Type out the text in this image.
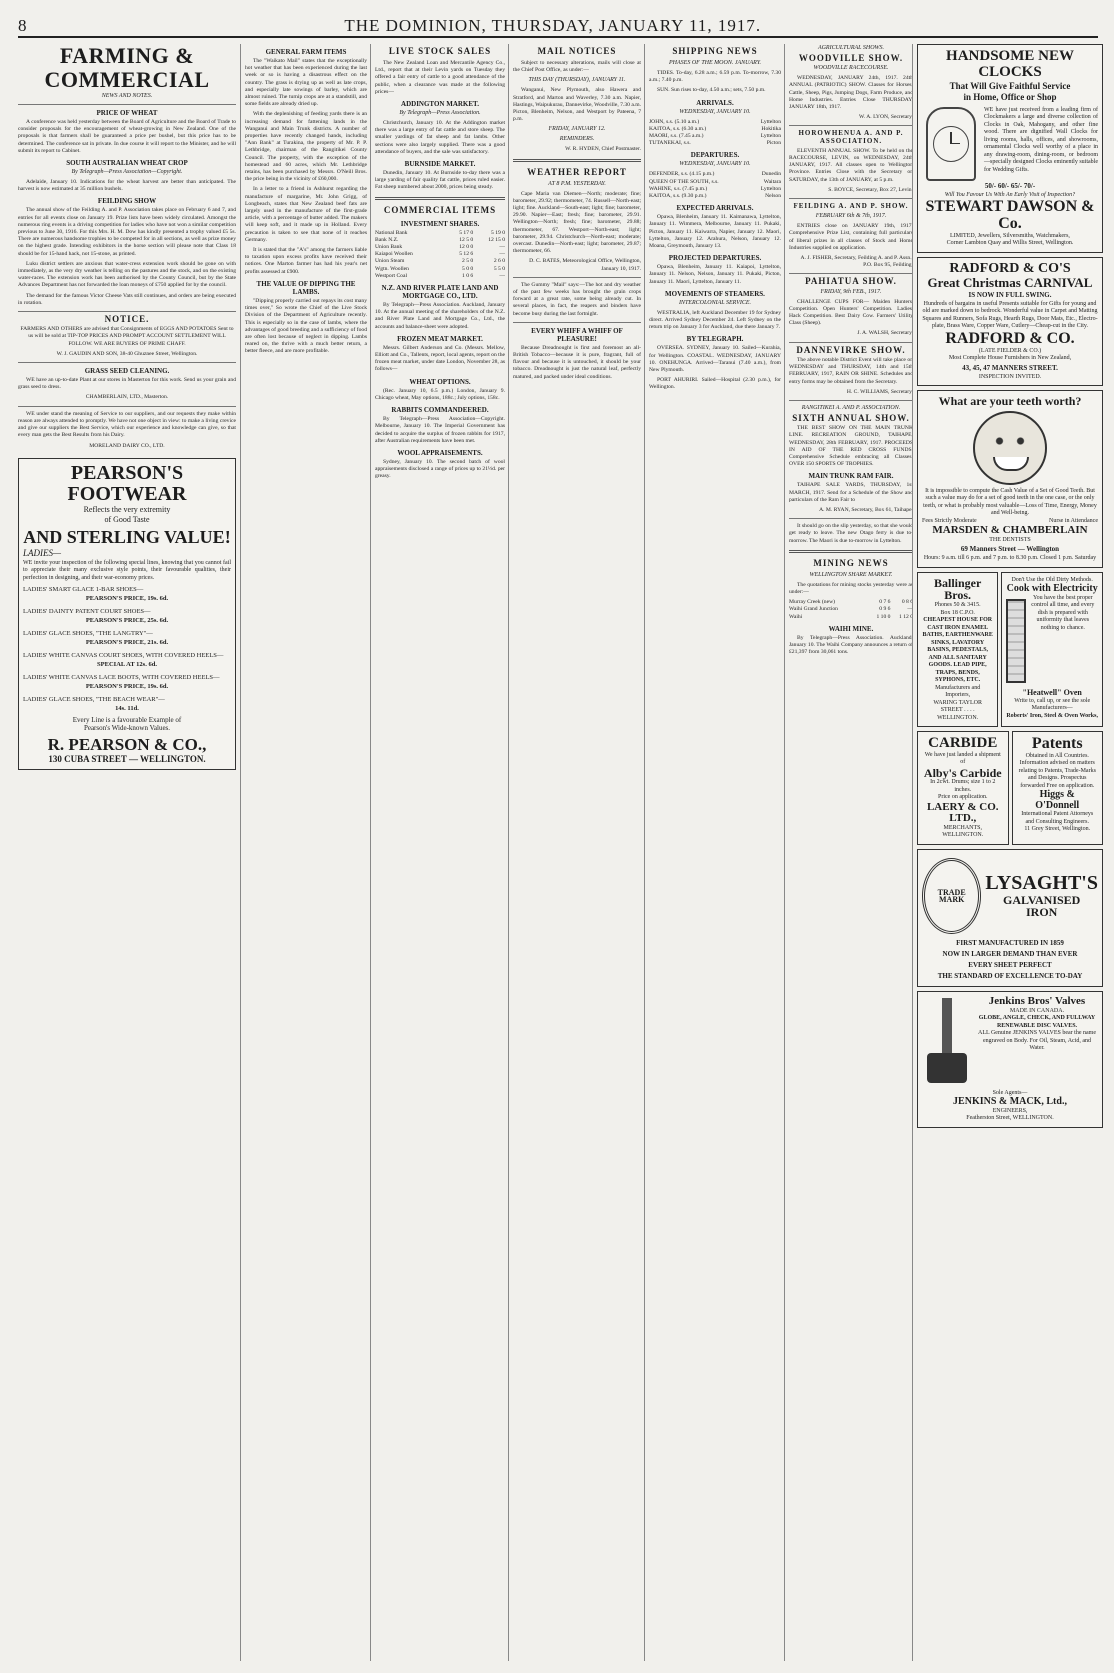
8	THE DOMINION, THURSDAY, JANUARY 11, 1917.
FARMING & COMMERCIAL
NEWS AND NOTES.
PRICE OF WHEAT

A conference was held yesterday between the Board of Agriculture and the Board of Trade to consider proposals for the encouragement of wheat-growing in New Zealand. One of the proposals is that farmers shall be guaranteed a price per bushel, but this price has to be determined. The conference sat in private. In due course it will report to the Minister, and he will submit its report to Cabinet.

SOUTH AUSTRALIAN WHEAT CROP
By Telegraph—Press Association—Copyright.

Adelaide, January 10. Indications for the wheat harvest are better than anticipated. The harvest is now estimated at 35 million bushels.

FEILDING SHOW

The annual show of the Feilding A. and P. Association takes place on February 6 and 7, and entries for all events close on January 19. Prize lists have been widely circulated. Amongst the numerous ring events is a driving competition for ladies who have not won a similar competition previous to June 30, 1916. For this Mrs. H. M. Dow has kindly presented a trophy valued £5 5s. There are numerous handsome trophies to be competed for in all sections, as well as prize money on the highest grade. Intending exhibitors in the horse section will please note that Class 18 should be for 15-hand hack, not 15-stone, as printed.

Luku district settlers are anxious that water-cress extension work should be gone on with immediately, as the very dry weather is telling on the pastures and the stock, and on the existing water-races. The extension work has been authorised by the County Council, but by the State Advances Department has not forwarded the loan moneys of £750 applied for by the council.

The demand for the famous Victor Cheese Vats still continues, and orders are being executed in rotation.

NOTICE.

FARMERS AND OTHERS are advised that Consignments of EGGS AND POTATOES Sent to us will be sold at TIP-TOP PRICES AND PROMPT ACCOUNT SETTLEMENT WILL FOLLOW. WE ARE BUYERS OF PRIME CHAFF.

W. J. GAUDIN AND SON, 38-40 Ghuznee Street, Wellington.

GRASS SEED CLEANING.

WE have an up-to-date Plant at our stores in Masterton for this work. Send us your grain and grass seed to dress.

CHAMBERLAIN, LTD., Masterton.

WE under stand the meaning of Service to our suppliers, and our requests they make within reason are always attended to promptly. We have not one object in view: to make a living crevice and give our suppliers the Best Service, which our experience and knowledge can give, so that every man gets the Best Results from his Dairy.

MORELAND DAIRY CO., LTD.

PEARSON'S FOOTWEAR
Reflects the very extremity
of Good Taste
AND STERLING VALUE!
LADIES—
WE invite your inspection of the following special lines, knowing that you cannot fail to appreciate their many exclusive style points, their favourable qualities, their perfection in designing, and their war-economy prices.
LADIES' SMART GLACE 1-BAR SHOES—
PEARSON'S PRICE, 19s. 6d.
LADIES' DAINTY PATENT COURT SHOES—
PEARSON'S PRICE, 25s. 6d.
LADIES' GLACE SHOES, "THE LANGTRY"—
PEARSON'S PRICE, 21s. 6d.
LADIES' WHITE CANVAS COURT SHOES, WITH COVERED HEELS—
SPECIAL AT 12s. 6d.
LADIES' WHITE CANVAS LACE BOOTS, WITH COVERED HEELS—
PEARSON'S PRICE, 19s. 6d.
LADIES' GLACE SHOES, "THE BEACH WEAR"—
14s. 11d.
Every Line is a favourable Example of
Pearson's Wide-known Values.
R. PEARSON & CO.,
130 CUBA STREET — WELLINGTON.
GENERAL FARM ITEMS

The "Waikato Mail" states that the exceptionally hot weather that has been experienced during the last week or so is having a disastrous effect on the country. The grass is drying up as well as late crops, and especially late sowings of barley, which are almost ruined. The turnip crops are at a standstill, and some fields are already dried up.

With the deplenishing of feeding yards there is an increasing demand for fattening lands in the Wanganui and Main Trunk districts. A number of properties have recently changed hands, including "Ann Bank" at Turakina, the property of Mr. P. P. Lethbridge, chairman of the Rangitikei County Council. The property, with the exception of the homestead and 60 acres, which Mr. Lethbridge retains, has been purchased by Messrs. O'Neill Bros. the price being in the vicinity of £60,000.

In a letter to a friend in Ashhurst regarding the manufacture of margarine, Mr. John Grigg, of Longbeach, states that New Zealand beef fats are largely used in the manufacture of the first-grade article, with a percentage of butter added. The makers will keep soft, and it made up in Holland. Every precaution is taken to see that none of it reaches Germany.

It is stated that the "A's" among the farmers liable to taxation upon excess profits have received their notices. One Marton farmer has had his year's net profits assessed at £900.

THE VALUE OF DIPPING THE LAMBS.

"Dipping properly carried out repays its cost many times over," So wrote the Chief of the Live Stock Division of the Department of Agriculture recently. This is especially so in the case of lambs, where the advantages of good breeding and a sufficiency of food are often lost because of neglect in dipping. Lambs reared on, the thrive with a much better return, a better fleece, and are more profitable.

LIVE STOCK SALES

The New Zealand Loan and Mercantile Agency Co., Ltd., report that at their Levin yards on Tuesday they offered a fair entry of cattle to a good attendance of the public, when a clearance was made at the following prices—

ADDINGTON MARKET.
By Telegraph—Press Association.

Christchurch, January 10. At the Addington market there was a large entry of fat cattle and store sheep. The smaller yardings of fat sheep and fat lambs. Other sections were also largely supplied. There was a good attendance of buyers, and the sale was satisfactory.

BURNSIDE MARKET.

Dunedin, January 10. At Burnside to-day there was a large yarding of fair quality fat cattle, prices ruled easier. Fat sheep numbered about 2000, prices being steady.

COMMERCIAL ITEMS
INVESTMENT SHARES.
National Bank	5 17 0	5 19 0
Bank N.Z.	12 5 0	12 15 0
Union Bank	12 0 0	—
Kaiapoi Woollen	5 12 6	—
Union Steam	2 5 0	2 6 0
Wgtn. Woollen	5 0 0	5 5 0
Westport Coal	1 0 6	—
N.Z. AND RIVER PLATE LAND AND MORTGAGE CO., LTD.

By Telegraph—Press Association. Auckland, January 10. At the annual meeting of the shareholders of the N.Z. and River Plate Land and Mortgage Co., Ltd., the accounts and balance-sheet were adopted.

FROZEN MEAT MARKET.

Messrs. Gilbert Anderson and Co. (Messrs. Mellow, Elliott and Co., Tallents, report, local agents, report on the frozen meat market, under date London, November 28, as follows—

WHEAT OPTIONS.

(Rec. January 10, 6.5 p.m.) London, January 9. Chicago wheat, May options, 188c.; July options, 158c.

RABBITS COMMANDEERED.

By Telegraph—Press Association—Copyright. Melbourne, January 10. The Imperial Government has decided to acquire the surplus of frozen rabbits for 1917, after Australian requirements have been met.

WOOL APPRAISEMENTS.

Sydney, January 10. The second batch of wool appraisements disclosed a range of prices up to 21½d. per greasy.

MAIL NOTICES

Subject to necessary alterations, mails will close at the Chief Post Office, as under:—

THIS DAY (THURSDAY), JANUARY 11.

Wanganui, New Plymouth, also Hawera and Stratford, and Marton and Waverley, 7.30 a.m. Napier, Hastings, Waipukurau, Dannevirke, Woodville, 7.30 a.m. Picton, Blenheim, Nelson, and Westport by Pateena, 7 p.m.

FRIDAY, JANUARY 12.
REMINDERS.

W. R. HYDEN, Chief Postmaster.

WEATHER REPORT
AT 8 P.M. YESTERDAY.

Cape Maria van Diemen—North; moderate; fine; barometer, 29.92; thermometer, 74. Russell—North-east; light; fine. Auckland—South-east; light; fine; barometer, 29.90. Napier—East; fresh; fine; barometer, 29.91. Wellington—North; fresh; fine; barometer, 29.88; thermometer, 67. Westport—North-east; light; barometer, 29.94. Christchurch—North-east; moderate; overcast. Dunedin—North-east; light; barometer, 29.87; thermometer, 66.

D. C. BATES, Meteorological Office, Wellington, January 10, 1917.

The Gummy "Mail" says:—The hot and dry weather of the past few weeks has brought the grain crops forward at a great rate, some being already cut. In several places, in fact, the reapers and binders have become busy during the last fortnight.

EVERY WHIFF A WHIFF OF PLEASURE!

Because Dreadnought is first and foremost an all-British Tobacco—because it is pure, fragrant, full of flavour and because it is untouched, it should be your tobacco. Dreadnought is just the natural leaf, perfectly matured, and packed under ideal conditions.

SHIPPING NEWS
PHASES OF THE MOON. JANUARY.

TIDES. To-day, 6.28 a.m.; 6.59 p.m. To-morrow, 7.30 a.m.; 7.40 p.m.

SUN. Sun rises to-day, 4.50 a.m.; sets, 7.50 p.m.

ARRIVALS.
WEDNESDAY, JANUARY 10.
JOHN, s.s. (5.10 a.m.)	Lyttelton
KAITOA, s.s. (6.30 a.m.)	Hokitika
MAORI, s.s. (7.45 a.m.)	Lyttelton
TUTANEKAI, s.s.	Picton
DEPARTURES.
WEDNESDAY, JANUARY 10.
DEFENDER, s.s. (4.15 p.m.)	Dunedin
QUEEN OF THE SOUTH, s.s.	Waitara
WAHINE, s.s. (7.45 p.m.)	Lyttelton
KAITOA, s.s. (9.30 p.m.)	Nelson
EXPECTED ARRIVALS.

Opawa, Blenheim, January 11. Kaimanawa, Lyttelton, January 11. Wimmera, Melbourne, January 11. Pukaki, Picton, January 11. Kaiwarra, Napier, January 12. Maori, Lyttelton, January 12. Arahura, Nelson, January 12. Moana, Greymouth, January 13.

PROJECTED DEPARTURES.

Opawa, Blenheim, January 11. Kaiapoi, Lyttelton, January 11. Nelson, Nelson, January 11. Pukaki, Picton, January 11. Maori, Lyttelton, January 11.

MOVEMENTS OF STEAMERS.
INTERCOLONIAL SERVICE.

WESTRALIA, left Auckland December 19 for Sydney direct. Arrived Sydney December 24. Left Sydney on the return trip on January 3 for Auckland, due there January 7.

BY TELEGRAPH.

OVERSEA. SYDNEY, January 10. Sailed—Kurahia, for Wellington. COASTAL. WEDNESDAY, JANUARY 10. ONEHUNGA. Arrived—Taranui (7.40 a.m.), from New Plymouth.

PORT AHURIRI. Sailed—Hospital (2.30 p.m.), for Wellington.

AGRICULTURAL SHOWS.
WOODVILLE SHOW.
WOODVILLE RACECOURSE.

WEDNESDAY, JANUARY 24th, 1917. 24th ANNUAL (PATRIOTIC) SHOW. Classes for Horses, Cattle, Sheep, Pigs, Jumping Dogs, Farm Produce, and Home Industries. Entries Close THURSDAY, JANUARY 18th, 1917.

W. A. LYON, Secretary.

HOROWHENUA A. AND P. ASSOCIATION.

ELEVENTH ANNUAL SHOW. To be held on the RACECOURSE, LEVIN, on WEDNESDAY, 24th JANUARY, 1917. All classes open to Wellington Province. Entries Close with the Secretary on SATURDAY, the 13th of JANUARY, at 5 p.m.

S. BOYCE, Secretary, Box 27, Levin.

FEILDING A. AND P. SHOW.
FEBRUARY 6th & 7th, 1917.

ENTRIES close on JANUARY 19th, 1917. Comprehensive Prize List, containing full particulars of liberal prizes in all classes of Stock and Home Industries supplied on application.

A. J. FISHER, Secretary, Feilding A. and P. Assn., P.O. Box 95, Feilding.

PAHIATUA SHOW.
FRIDAY, 9th FEB., 1917.

CHALLENGE CUPS FOR— Maiden Hunters' Competition. Open Hunters' Competition. Ladies' Hack Competition. Best Dairy Cow. Farmers' Utility Class (Sheep).

J. A. WALSH, Secretary.

DANNEVIRKE SHOW.

The above notable District Event will take place on WEDNESDAY and THURSDAY, 14th and 15th FEBRUARY, 1917, RAIN OR SHINE. Schedules and entry forms may be obtained from the Secretary.

H. C. WILLIAMS, Secretary.

RANGITIKEI A. AND P. ASSOCIATION.
SIXTH ANNUAL SHOW.

THE BEST SHOW ON THE MAIN TRUNK LINE. RECREATION GROUND, TAIHAPE, WEDNESDAY, 28th FEBRUARY, 1917. PROCEEDS IN AID OF THE RED CROSS FUNDS. Comprehensive Schedule embracing all Classes. OVER 150 SPORTS OF TROPHIES.

MAIN TRUNK RAM FAIR.

TAIHAPE SALE YARDS, THURSDAY, 1st MARCH, 1917. Send for a Schedule of the Show and particulars of the Ram Fair to

A. M. RYAN, Secretary, Box 61, Taihape.

It should go on the slip yesterday, so that she would get ready to leave. The new Otago ferry is due to-morrow. The Maori is due to-morrow in Lyttelton.

MINING NEWS
WELLINGTON SHARE MARKET.

The quotations for mining stocks yesterday were as under:—

Murray Creek (new)	0 7 6	0 8 6
Waihi Grand Junction	0 9 6	—
Waihi	1 10 0	1 12 0
WAIHI MINE.

By Telegraph—Press Association. Auckland, January 10. The Waihi Company announces a return of £21,397 from 30,061 tons.

HANDSOME NEW CLOCKS
That Will Give Faithful Service
in Home, Office or Shop
WE have just received from a leading firm of Clockmakers a large and diverse collection of Clocks in Oak, Mahogany, and other fine wood. There are dignified Wall Clocks for living rooms, halls, offices, and showrooms, ornamental Clocks well worthy of a place in any drawing-room, dining-room, or bedroom—specially designed Clocks eminently suitable for Wedding Gifts.
50/- 60/- 65/- 70/-
Will You Favour Us With An Early Visit of Inspection?
STEWART DAWSON & Co.
LIMITED, Jewellers, Silversmiths, Watchmakers,
Corner Lambton Quay and Willis Street, Wellington.
RADFORD & CO'S
Great Christmas CARNIVAL
IS NOW IN FULL SWING.
Hundreds of bargains in useful Presents suitable for Gifts for young and old are marked down to bedrock. Wonderful value in Carpet and Matting Squares and Runners, Sofa Rugs, Hearth Rugs, Door Mats, Etc., Electro-plate, Brass Ware, Copper Ware, Cutlery—Cheap-cut in the City.
RADFORD & CO.
(LATE FIELDER & CO.)
Most Complete House Furnishers in New Zealand,
43, 45, 47 MANNERS STREET.
INSPECTION INVITED.
What are your teeth worth?
It is impossible to compute the Cash Value of a Set of Good Teeth. But such a value may do for a set of good teeth in the one case, or the only teeth, or what is probably most valuable—Loss of Time, Energy, Money and Well-being.
Fees Strictly Moderate	Nurse in Attendance
MARSDEN & CHAMBERLAIN
THE DENTISTS
69 Manners Street — Wellington
Hours: 9 a.m. till 6 p.m. and 7 p.m. to 8.30 p.m. Closed 1 p.m. Saturday
Ballinger Bros.
Phones 50 & 3415.
Box 18 C.P.O.
CHEAPEST HOUSE FOR CAST IRON ENAMEL BATHS, EARTHENWARE SINKS, LAVATORY BASINS, PEDESTALS, AND ALL SANITARY GOODS. LEAD PIPE, TRAPS, BENDS, SYPHONS, ETC.
Manufacturers and Importers,
WARING TAYLOR STREET . . . . WELLINGTON.
Don't Use the Old Dirty Methods.
Cook with Electricity
You have the best proper control all time, and every dish is prepared with uniformity that leaves nothing to chance.
"Heatwell" Oven
Write to, call up, or see the sole Manufacturers—
Roberts' Iron, Steel & Oven Works,
CARBIDE
We have just landed a shipment of
Alby's Carbide
In 2cwt. Drums; size 1 to 2 inches.
Price on application.
LAERY & CO. LTD.,
MERCHANTS,
WELLINGTON.
Patents
Obtained in All Countries. Information advised on matters relating to Patents, Trade-Marks and Designs. Prospectus forwarded Free on application.
Higgs & O'Donnell
International Patent Attorneys and Consulting Engineers.
11 Grey Street, Wellington.
TRADE MARK
LYSAGHT'S
GALVANISED
IRON
FIRST MANUFACTURED IN 1859
NOW IN LARGER DEMAND THAN EVER
EVERY SHEET PERFECT
THE STANDARD OF EXCELLENCE TO-DAY
Jenkins Bros' Valves
MADE IN CANADA.
GLOBE, ANGLE, CHECK, AND FULLWAY RENEWABLE DISC VALVES.
ALL Genuine JENKINS VALVES bear the name engraved on Body. For Oil, Steam, Acid, and Water.
Sole Agents—
JENKINS & MACK, Ltd.,
ENGINEERS,
Featherston Street, WELLINGTON.
